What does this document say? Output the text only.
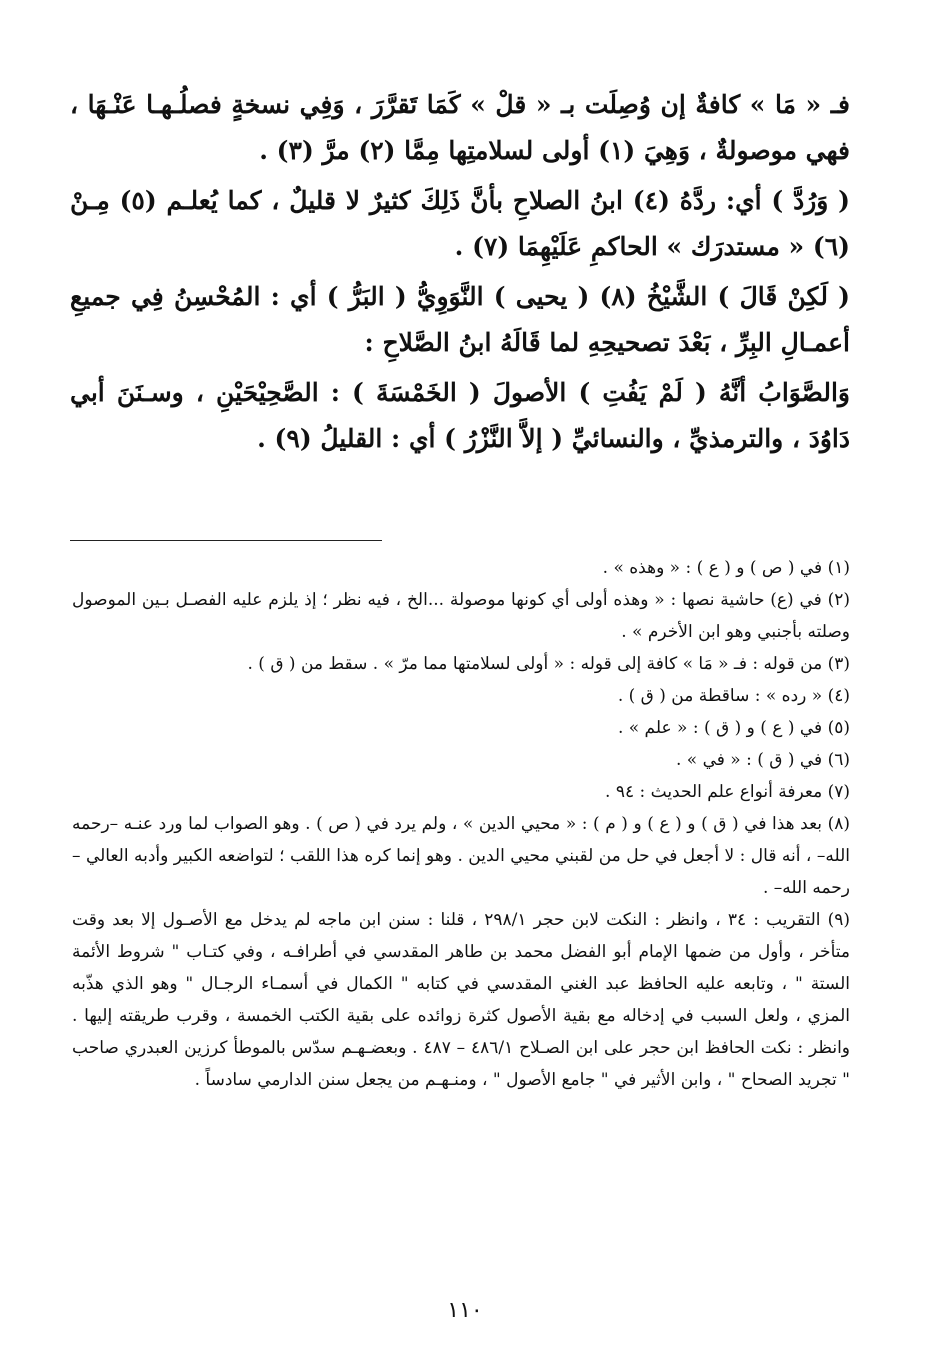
فـ « مَا » كافةٌ إن وُصِلَت بـ « قلْ » كَمَا تَقرَّرَ ، وَفِي نسخةٍ فصلُـهـا عَنْـهَا ، فهي موصولةٌ ، وَهِيَ (١) أولى لسلامتِها مِمَّا (٢) مرَّ (٣) .

( وَرُدَّ ) أي: ردَّهُ (٤) ابنُ الصلاحِ بأنَّ ذَلِكَ كثيرٌ لا قليلٌ ، كما يُعلـم (٥) مِـنْ (٦) « مستدرَك » الحاكمِ عَلَيْهِمَا (٧) .

( لَكِنْ قَالَ ) الشَّيْخُ (٨) ( يحيى ) النَّوَوِيُّ ( البَرُّ ) أي : المُحْسِنُ فِي جميعِ أعمـالِ البِرِّ ، بَعْدَ تصحيحِهِ لما قَالَهُ ابنُ الصَّلاحِ :

وَالصَّوَابُ أنَّهُ ( لَمْ يَفُتِ ) الأصولَ ( الخَمْسَةَ ) : الصَّحِيْحَيْنِ ، وسـنَنَ أبي دَاوُدَ ، والترمذيِّ ، والنسائيِّ ( إلاَّ النَّزْرُ ) أي : القليلُ (٩) .

(١) في ( ص ) و ( ع ) : « وهذه » .

(٢) في (ع) حاشية نصها : « وهذه أولى أي كونها موصولة ...الخ ، فيه نظر ؛ إذ يلزم عليه الفصـل بـين الموصول وصلته بأجنبي وهو ابن الأخرم » .

(٣) من قوله : فـ « مَا » كافة إلى قوله : « أولى لسلامتها مما مرّ » . سقط من ( ق ) .

(٤) « رده » : ساقطة من ( ق ) .

(٥) في ( ع ) و ( ق ) : « علم » .

(٦) في ( ق ) : « في » .

(٧) معرفة أنواع علم الحديث : ٩٤ .

(٨) بعد هذا في ( ق ) و ( ع ) و ( م ) : « محيي الدين » ، ولم يرد في ( ص ) . وهو الصواب لما ورد عنـه –رحمه الله– ، أنه قال : لا أجعل في حل من لقبني محيي الدين . وهو إنما كره هذا اللقب ؛ لتواضعه الكبير وأدبه العالي –رحمه الله– .

(٩) التقريب : ٣٤ ، وانظر : النكت لابن حجر ٢٩٨/١ ، قلنا : سنن ابن ماجه لم يدخل مع الأصـول إلا بعد وقت متأخر ، وأول من ضمها الإمام أبو الفضل محمد بن طاهر المقدسي في أطرافـه ، وفي كتـاب " شروط الأئمة الستة " ، وتابعه عليه الحافظ عبد الغني المقدسي في كتابه " الكمال في أسمـاء الرجـال " وهو الذي هذّبه المزي ، ولعل السبب في إدخاله مع بقية الأصول كثرة زوائده على بقية الكتب الخمسة ، وقرب طريقته إليها . وانظر : نكت الحافظ ابن حجر على ابن الصـلاح ٤٨٦/١ – ٤٨٧ . وبعضـهـم سدّس بالموطأ كرزين العبدري صاحب " تجريد الصحاح " ، وابن الأثير في " جامع الأصول " ، ومنـهـم من يجعل سنن الدارمي سادساً .

١١٠
